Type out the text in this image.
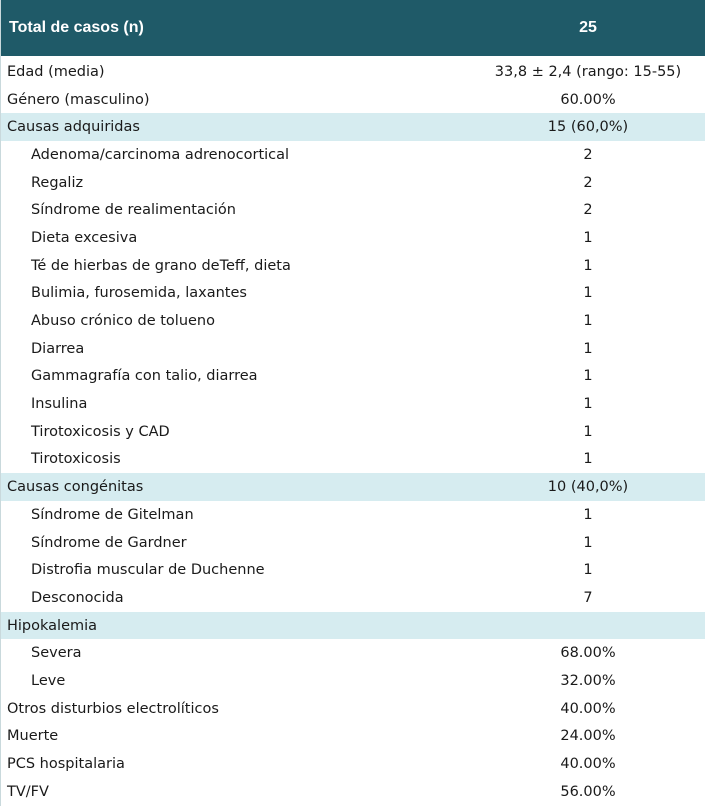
Total de casos (n)	25
Edad (media)	33,8 ± 2,4 (rango: 15-55)
Género (masculino)	60.00%
Causas adquiridas	15 (60,0%)
Adenoma/carcinoma adrenocortical	2
Regaliz	2
Síndrome de realimentación	2
Dieta excesiva	1
Té de hierbas de grano deTeff, dieta	1
Bulimia, furosemida, laxantes	1
Abuso crónico de tolueno	1
Diarrea	1
Gammagrafía con talio, diarrea	1
Insulina	1
Tirotoxicosis y CAD	1
Tirotoxicosis	1
Causas congénitas	10 (40,0%)
Síndrome de Gitelman	1
Síndrome de Gardner	1
Distrofia muscular de Duchenne	1
Desconocida	7
Hipokalemia
Severa	68.00%
Leve	32.00%
Otros disturbios electrolíticos	40.00%
Muerte	24.00%
PCS hospitalaria	40.00%
TV/FV	56.00%
